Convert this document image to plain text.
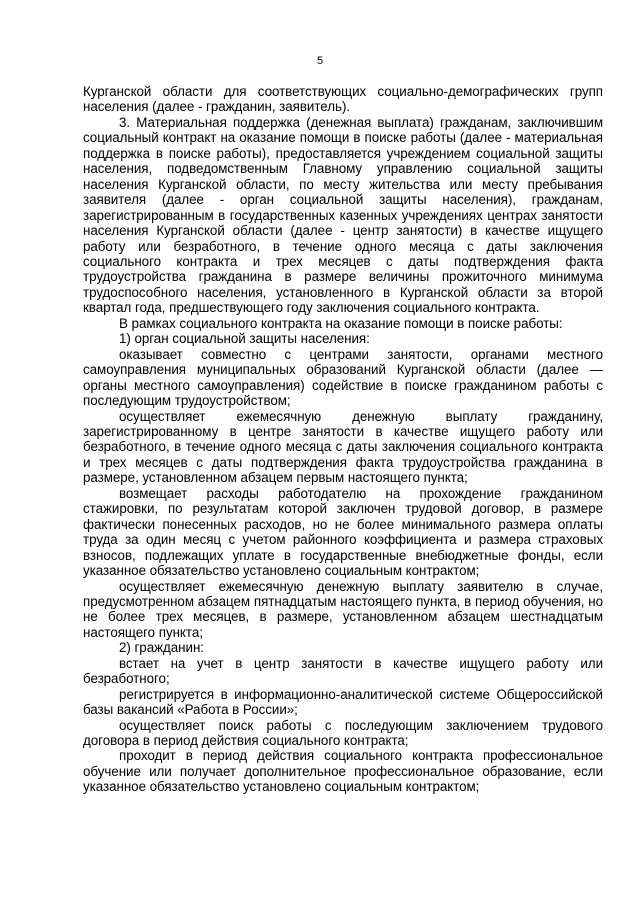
5

Курганской области для соответствующих социально-демографических групп населения (далее - гражданин, заявитель).

3. Материальная поддержка (денежная выплата) гражданам, заключившим социальный контракт на оказание помощи в поиске работы (далее - материальная поддержка в поиске работы), предоставляется учреждением социальной защиты населения, подведомственным Главному управлению социальной защиты населения Курганской области, по месту жительства или месту пребывания заявителя (далее - орган социальной защиты населения), гражданам, зарегистрированным в государственных казенных учреждениях центрах занятости населения Курганской области (далее - центр занятости) в качестве ищущего работу или безработного, в течение одного месяца с даты заключения социального контракта и трех месяцев с даты подтверждения факта трудоустройства гражданина в размере величины прожиточного минимума трудоспособного населения, установленного в Курганской области за второй квартал года, предшествующего году заключения социального контракта.

В рамках социального контракта на оказание помощи в поиске работы:

1) орган социальной защиты населения:

оказывает совместно с центрами занятости, органами местного самоуправления муниципальных образований Курганской области (далее — органы местного самоуправления) содействие в поиске гражданином работы с последующим трудоустройством;

осуществляет ежемесячную денежную выплату гражданину, зарегистрированному в центре занятости в качестве ищущего работу или безработного, в течение одного месяца с даты заключения социального контракта и трех месяцев с даты подтверждения факта трудоустройства гражданина в размере, установленном абзацем первым настоящего пункта;

возмещает расходы работодателю на прохождение гражданином стажировки, по результатам которой заключен трудовой договор, в размере фактически понесенных расходов, но не более минимального размера оплаты труда за один месяц с учетом районного коэффициента и размера страховых взносов, подлежащих уплате в государственные внебюджетные фонды, если указанное обязательство установлено социальным контрактом;

осуществляет ежемесячную денежную выплату заявителю в случае, предусмотренном абзацем пятнадцатым настоящего пункта, в период обучения, но не более трех месяцев, в размере, установленном абзацем шестнадцатым настоящего пункта;

2) гражданин:

встает на учет в центр занятости в качестве ищущего работу или безработного;

регистрируется в информационно-аналитической системе Общероссийской базы вакансий «Работа в России»;

осуществляет поиск работы с последующим заключением трудового договора в период действия социального контракта;

проходит в период действия социального контракта профессиональное обучение или получает дополнительное профессиональное образование, если указанное обязательство установлено социальным контрактом;
